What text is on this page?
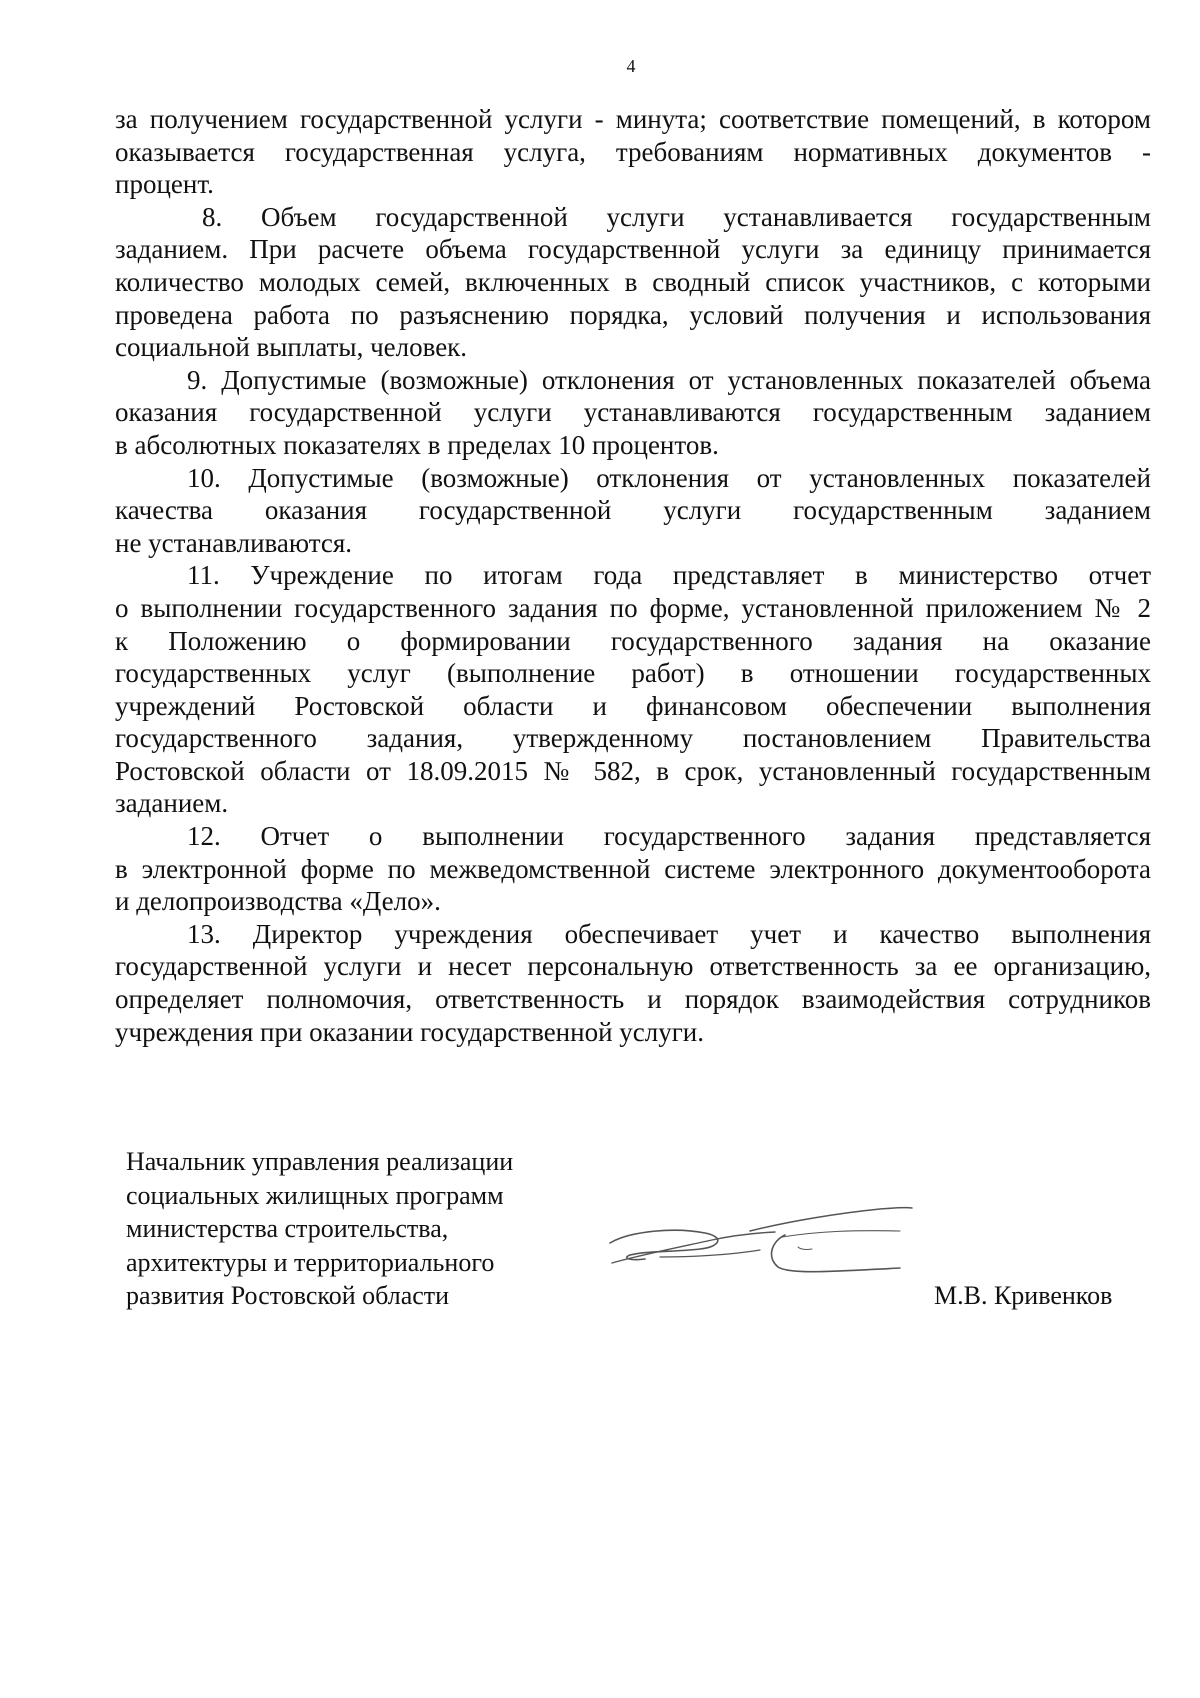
4
за получением государственной услуги - минута; соответствие помещений, в котором
оказывается государственная услуга, требованиям нормативных документов -
процент.
8. Объем государственной услуги устанавливается государственным
заданием. При расчете объема государственной услуги за единицу принимается
количество молодых семей, включенных в сводный список участников, с которыми
проведена работа по разъяснению порядка, условий получения и использования
социальной выплаты, человек.
9. Допустимые (возможные) отклонения от установленных показателей объема
оказания государственной услуги устанавливаются государственным заданием
в абсолютных показателях в пределах 10 процентов.
10. Допустимые (возможные) отклонения от установленных показателей
качества оказания государственной услуги государственным заданием
не устанавливаются.
11. Учреждение по итогам года представляет в министерство отчет
о выполнении государственного задания по форме, установленной приложением № 2
к Положению о формировании государственного задания на оказание
государственных услуг (выполнение работ) в отношении государственных
учреждений Ростовской области и финансовом обеспечении выполнения
государственного задания, утвержденному постановлением Правительства
Ростовской области от 18.09.2015 № 582, в срок, установленный государственным
заданием.
12. Отчет о выполнении государственного задания представляется
в электронной форме по межведомственной системе электронного документооборота
и делопроизводства «Дело».
13. Директор учреждения обеспечивает учет и качество выполнения
государственной услуги и несет персональную ответственность за ее организацию,
определяет полномочия, ответственность и порядок взаимодействия сотрудников
учреждения при оказании государственной услуги.
Начальник управления реализации
социальных жилищных программ
министерства строительства,
архитектуры и территориального
развития Ростовской области	М.В. Кривенков
